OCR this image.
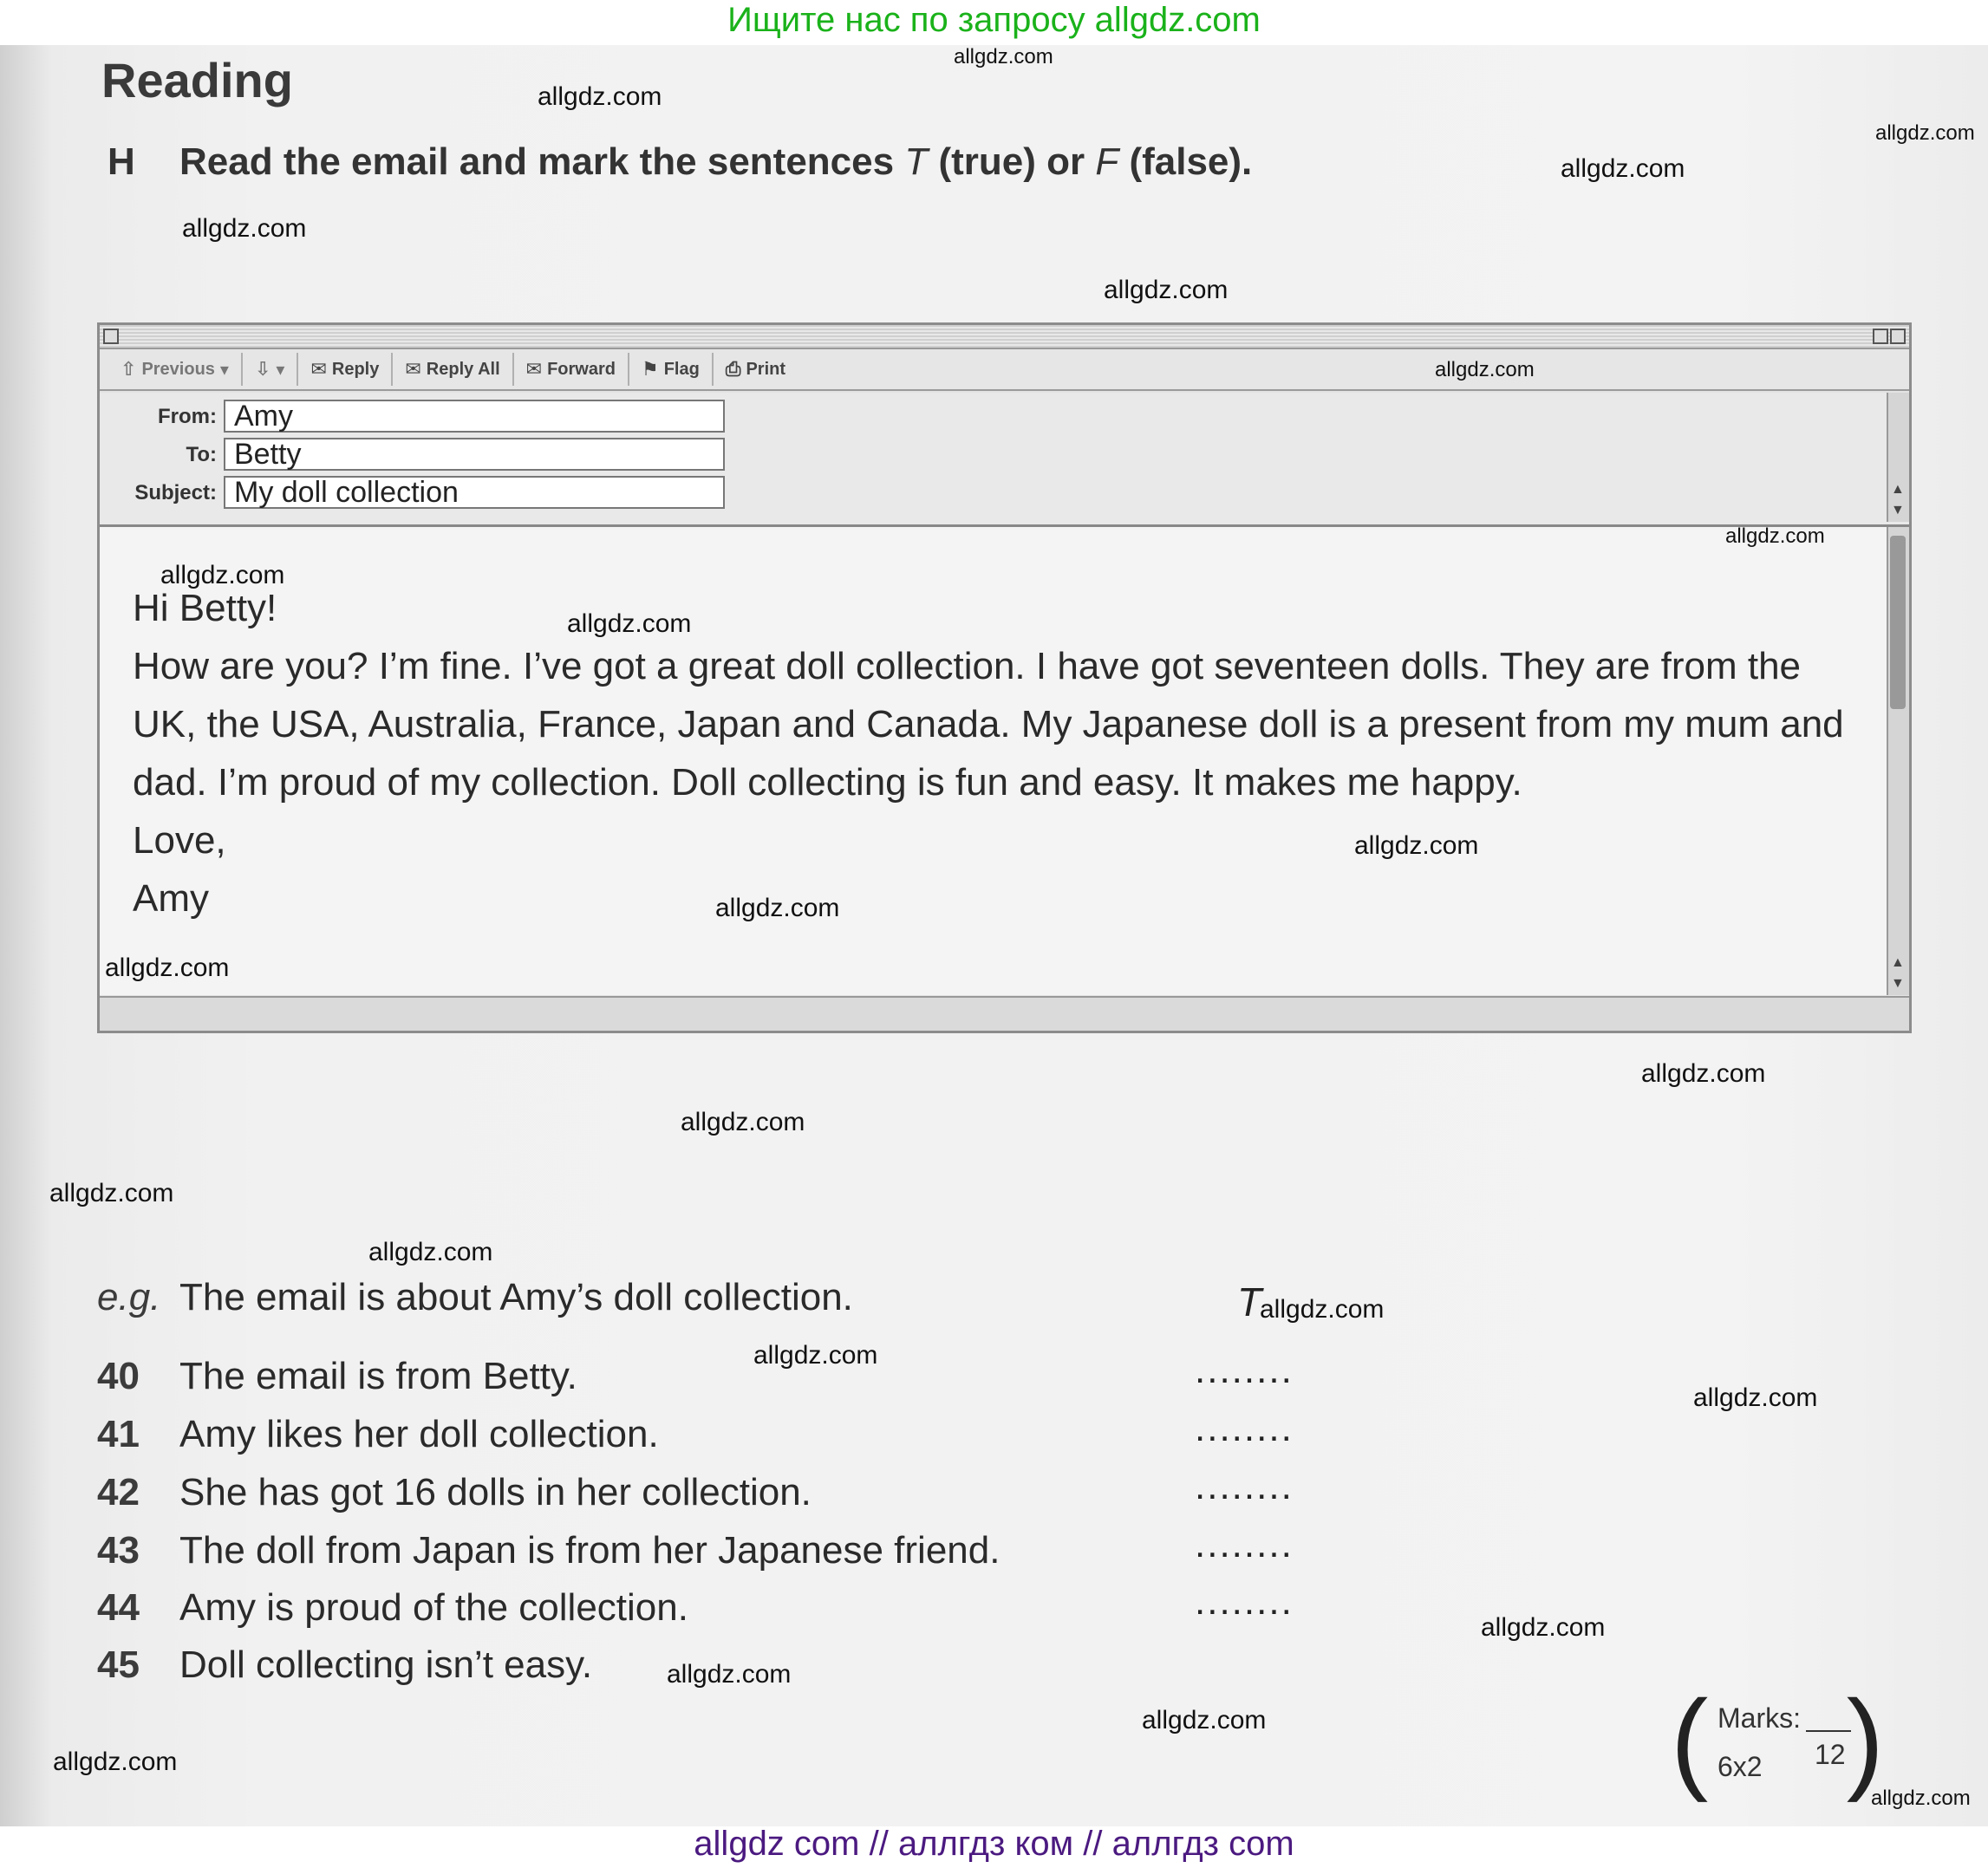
Ищите нас по запросу allgdz.com
Reading
H Read the email and mark the sentences T (true) or F (false).
⇧ Previous ▾ ⇩ ▾ ✉ Reply ✉ Reply All ✉ Forward ⚑ Flag ⎙ Print
From: Amy
To: Betty
Subject: My doll collection	▲
▼

Hi Betty!

How are you? I’m fine. I’ve got a great doll collection. I have got seventeen dolls. They are from the

UK, the USA, Australia, France, Japan and Canada. My Japanese doll is a present from my mum and

dad. I’m proud of my collection. Doll collecting is fun and easy. It makes me happy.

Love,

Amy

▲
▼
e.g. The email is about Amy’s doll collection.	T
40 The email is from Betty.	........
41 Amy likes her doll collection.	........
42 She has got 16 dolls in her collection.	........
43 The doll from Japan is from her Japanese friend.	........
44 Amy is proud of the collection.	........
45 Doll collecting isn’t easy.
( )
Marks:
12
6x2
allgdz.com
allgdz.com
allgdz.com
allgdz.com
allgdz.com
allgdz.com
allgdz.com
allgdz.com
allgdz.com
allgdz.com
allgdz.com
allgdz.com
allgdz.com
allgdz.com
allgdz.com
allgdz.com
allgdz.com
allgdz.com
allgdz.com
allgdz.com
allgdz.com
allgdz.com
allgdz.com
allgdz.com
allgdz.com
allgdz com // аллгдз ком // аллгдз com
